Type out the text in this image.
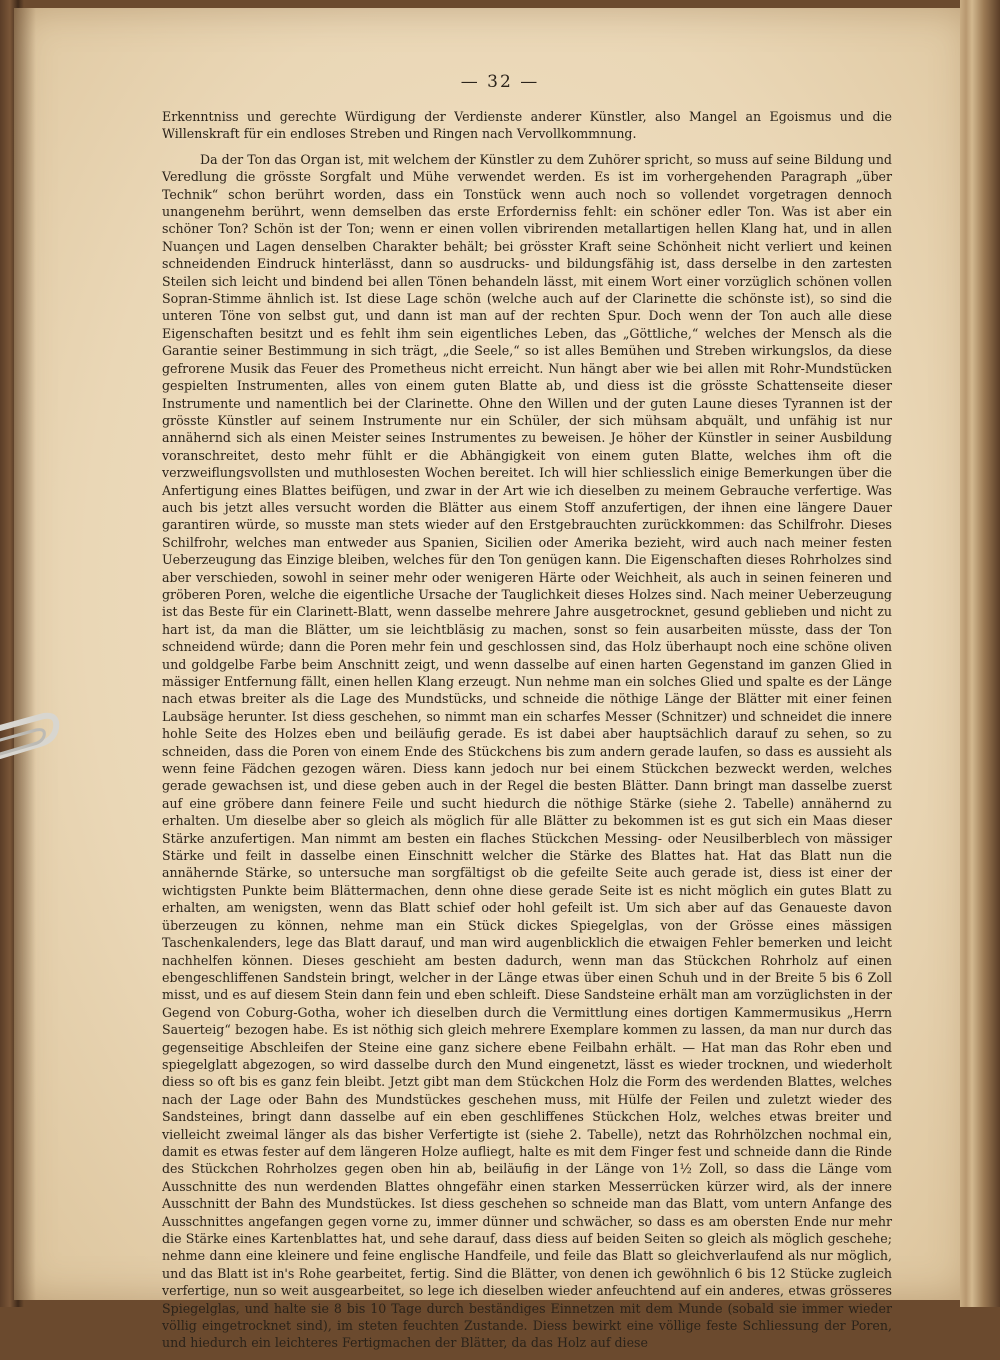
— 32 —

Erkenntniss und gerechte Würdigung der Verdienste anderer Künstler, also Mangel an Egoismus und die Willenskraft für ein endloses Streben und Ringen nach Vervollkommnung.

Da der Ton das Organ ist, mit welchem der Künstler zu dem Zuhörer spricht, so muss auf seine Bildung und Veredlung die grösste Sorgfalt und Mühe verwendet werden. Es ist im vorhergehenden Paragraph „über Technik“ schon berührt worden, dass ein Tonstück wenn auch noch so vollendet vorgetragen dennoch unangenehm berührt, wenn demselben das erste Erforderniss fehlt: ein schöner edler Ton. Was ist aber ein schöner Ton? Schön ist der Ton; wenn er einen vollen vibrirenden metallartigen hellen Klang hat, und in allen Nuançen und Lagen denselben Charakter behält; bei grösster Kraft seine Schönheit nicht verliert und keinen schneidenden Eindruck hinterlässt, dann so ausdrucks- und bildungsfähig ist, dass derselbe in den zartesten Steilen sich leicht und bindend bei allen Tönen behandeln lässt, mit einem Wort einer vorzüglich schönen vollen Sopran-Stimme ähnlich ist. Ist diese Lage schön (welche auch auf der Clarinette die schönste ist), so sind die unteren Töne von selbst gut, und dann ist man auf der rechten Spur. Doch wenn der Ton auch alle diese Eigenschaften besitzt und es fehlt ihm sein eigentliches Leben, das „Göttliche,“ welches der Mensch als die Garantie seiner Bestimmung in sich trägt, „die Seele,“ so ist alles Bemühen und Streben wirkungslos, da diese gefrorene Musik das Feuer des Prometheus nicht erreicht. Nun hängt aber wie bei allen mit Rohr-Mundstücken gespielten Instrumenten, alles von einem guten Blatte ab, und diess ist die grösste Schattenseite dieser Instrumente und namentlich bei der Clarinette. Ohne den Willen und der guten Laune dieses Tyrannen ist der grösste Künstler auf seinem Instrumente nur ein Schüler, der sich mühsam abquält, und unfähig ist nur annähernd sich als einen Meister seines Instrumentes zu beweisen. Je höher der Künstler in seiner Ausbildung voranschreitet, desto mehr fühlt er die Abhängigkeit von einem guten Blatte, welches ihm oft die verzweiflungsvollsten und muthlosesten Wochen bereitet. Ich will hier schliesslich einige Bemerkungen über die Anfertigung eines Blattes beifügen, und zwar in der Art wie ich dieselben zu meinem Gebrauche verfertige. Was auch bis jetzt alles versucht worden die Blätter aus einem Stoff anzufertigen, der ihnen eine längere Dauer garantiren würde, so musste man stets wieder auf den Erstgebrauchten zurückkommen: das Schilfrohr. Dieses Schilfrohr, welches man entweder aus Spanien, Sicilien oder Amerika bezieht, wird auch nach meiner festen Ueberzeugung das Einzige bleiben, welches für den Ton genügen kann. Die Eigenschaften dieses Rohrholzes sind aber verschieden, sowohl in seiner mehr oder wenigeren Härte oder Weichheit, als auch in seinen feineren und gröberen Poren, welche die eigentliche Ursache der Tauglichkeit dieses Holzes sind. Nach meiner Ueberzeugung ist das Beste für ein Clarinett-Blatt, wenn dasselbe mehrere Jahre ausgetrocknet, gesund geblieben und nicht zu hart ist, da man die Blätter, um sie leichtbläsig zu machen, sonst so fein ausarbeiten müsste, dass der Ton schneidend würde; dann die Poren mehr fein und geschlossen sind, das Holz überhaupt noch eine schöne oliven und goldgelbe Farbe beim Anschnitt zeigt, und wenn dasselbe auf einen harten Gegenstand im ganzen Glied in mässiger Entfernung fällt, einen hellen Klang erzeugt. Nun nehme man ein solches Glied und spalte es der Länge nach etwas breiter als die Lage des Mundstücks, und schneide die nöthige Länge der Blätter mit einer feinen Laubsäge herunter. Ist diess geschehen, so nimmt man ein scharfes Messer (Schnitzer) und schneidet die innere hohle Seite des Holzes eben und beiläufig gerade. Es ist dabei aber hauptsächlich darauf zu sehen, so zu schneiden, dass die Poren von einem Ende des Stückchens bis zum andern gerade laufen, so dass es aussieht als wenn feine Fädchen gezogen wären. Diess kann jedoch nur bei einem Stückchen bezweckt werden, welches gerade gewachsen ist, und diese geben auch in der Regel die besten Blätter. Dann bringt man dasselbe zuerst auf eine gröbere dann feinere Feile und sucht hiedurch die nöthige Stärke (siehe 2. Tabelle) annähernd zu erhalten. Um dieselbe aber so gleich als möglich für alle Blätter zu bekommen ist es gut sich ein Maas dieser Stärke anzufertigen. Man nimmt am besten ein flaches Stückchen Messing- oder Neusilberblech von mässiger Stärke und feilt in dasselbe einen Einschnitt welcher die Stärke des Blattes hat. Hat das Blatt nun die annähernde Stärke, so untersuche man sorgfältigst ob die gefeilte Seite auch gerade ist, diess ist einer der wichtigsten Punkte beim Blättermachen, denn ohne diese gerade Seite ist es nicht möglich ein gutes Blatt zu erhalten, am wenigsten, wenn das Blatt schief oder hohl gefeilt ist. Um sich aber auf das Genaueste davon überzeugen zu können, nehme man ein Stück dickes Spiegelglas, von der Grösse eines mässigen Taschenkalenders, lege das Blatt darauf, und man wird augenblicklich die etwaigen Fehler bemerken und leicht nachhelfen können. Dieses geschieht am besten dadurch, wenn man das Stückchen Rohrholz auf einen ebengeschliffenen Sandstein bringt, welcher in der Länge etwas über einen Schuh und in der Breite 5 bis 6 Zoll misst, und es auf diesem Stein dann fein und eben schleift. Diese Sandsteine erhält man am vorzüglichsten in der Gegend von Coburg-Gotha, woher ich dieselben durch die Vermittlung eines dortigen Kammermusikus „Herrn Sauerteig“ bezogen habe. Es ist nöthig sich gleich mehrere Exemplare kommen zu lassen, da man nur durch das gegenseitige Abschleifen der Steine eine ganz sichere ebene Feilbahn erhält. — Hat man das Rohr eben und spiegelglatt abgezogen, so wird dasselbe durch den Mund eingenetzt, lässt es wieder trocknen, und wiederholt diess so oft bis es ganz fein bleibt. Jetzt gibt man dem Stückchen Holz die Form des werdenden Blattes, welches nach der Lage oder Bahn des Mundstückes geschehen muss, mit Hülfe der Feilen und zuletzt wieder des Sandsteines, bringt dann dasselbe auf ein eben geschliffenes Stückchen Holz, welches etwas breiter und vielleicht zweimal länger als das bisher Verfertigte ist (siehe 2. Tabelle), netzt das Rohrhölzchen nochmal ein, damit es etwas fester auf dem längeren Holze aufliegt, halte es mit dem Finger fest und schneide dann die Rinde des Stückchen Rohrholzes gegen oben hin ab, beiläufig in der Länge von 1½ Zoll, so dass die Länge vom Ausschnitte des nun werdenden Blattes ohngefähr einen starken Messerrücken kürzer wird, als der innere Ausschnitt der Bahn des Mundstückes. Ist diess geschehen so schneide man das Blatt, vom untern Anfange des Ausschnittes angefangen gegen vorne zu, immer dünner und schwächer, so dass es am obersten Ende nur mehr die Stärke eines Kartenblattes hat, und sehe darauf, dass diess auf beiden Seiten so gleich als möglich geschehe; nehme dann eine kleinere und feine englische Handfeile, und feile das Blatt so gleichverlaufend als nur möglich, und das Blatt ist in's Rohe gearbeitet, fertig. Sind die Blätter, von denen ich gewöhnlich 6 bis 12 Stücke zugleich verfertige, nun so weit ausgearbeitet, so lege ich dieselben wieder anfeuchtend auf ein anderes, etwas grösseres Spiegelglas, und halte sie 8 bis 10 Tage durch beständiges Einnetzen mit dem Munde (sobald sie immer wieder völlig eingetrocknet sind), im steten feuchten Zustande. Diess bewirkt eine völlige feste Schliessung der Poren, und hiedurch ein leichteres Fertigmachen der Blätter, da das Holz auf diese
